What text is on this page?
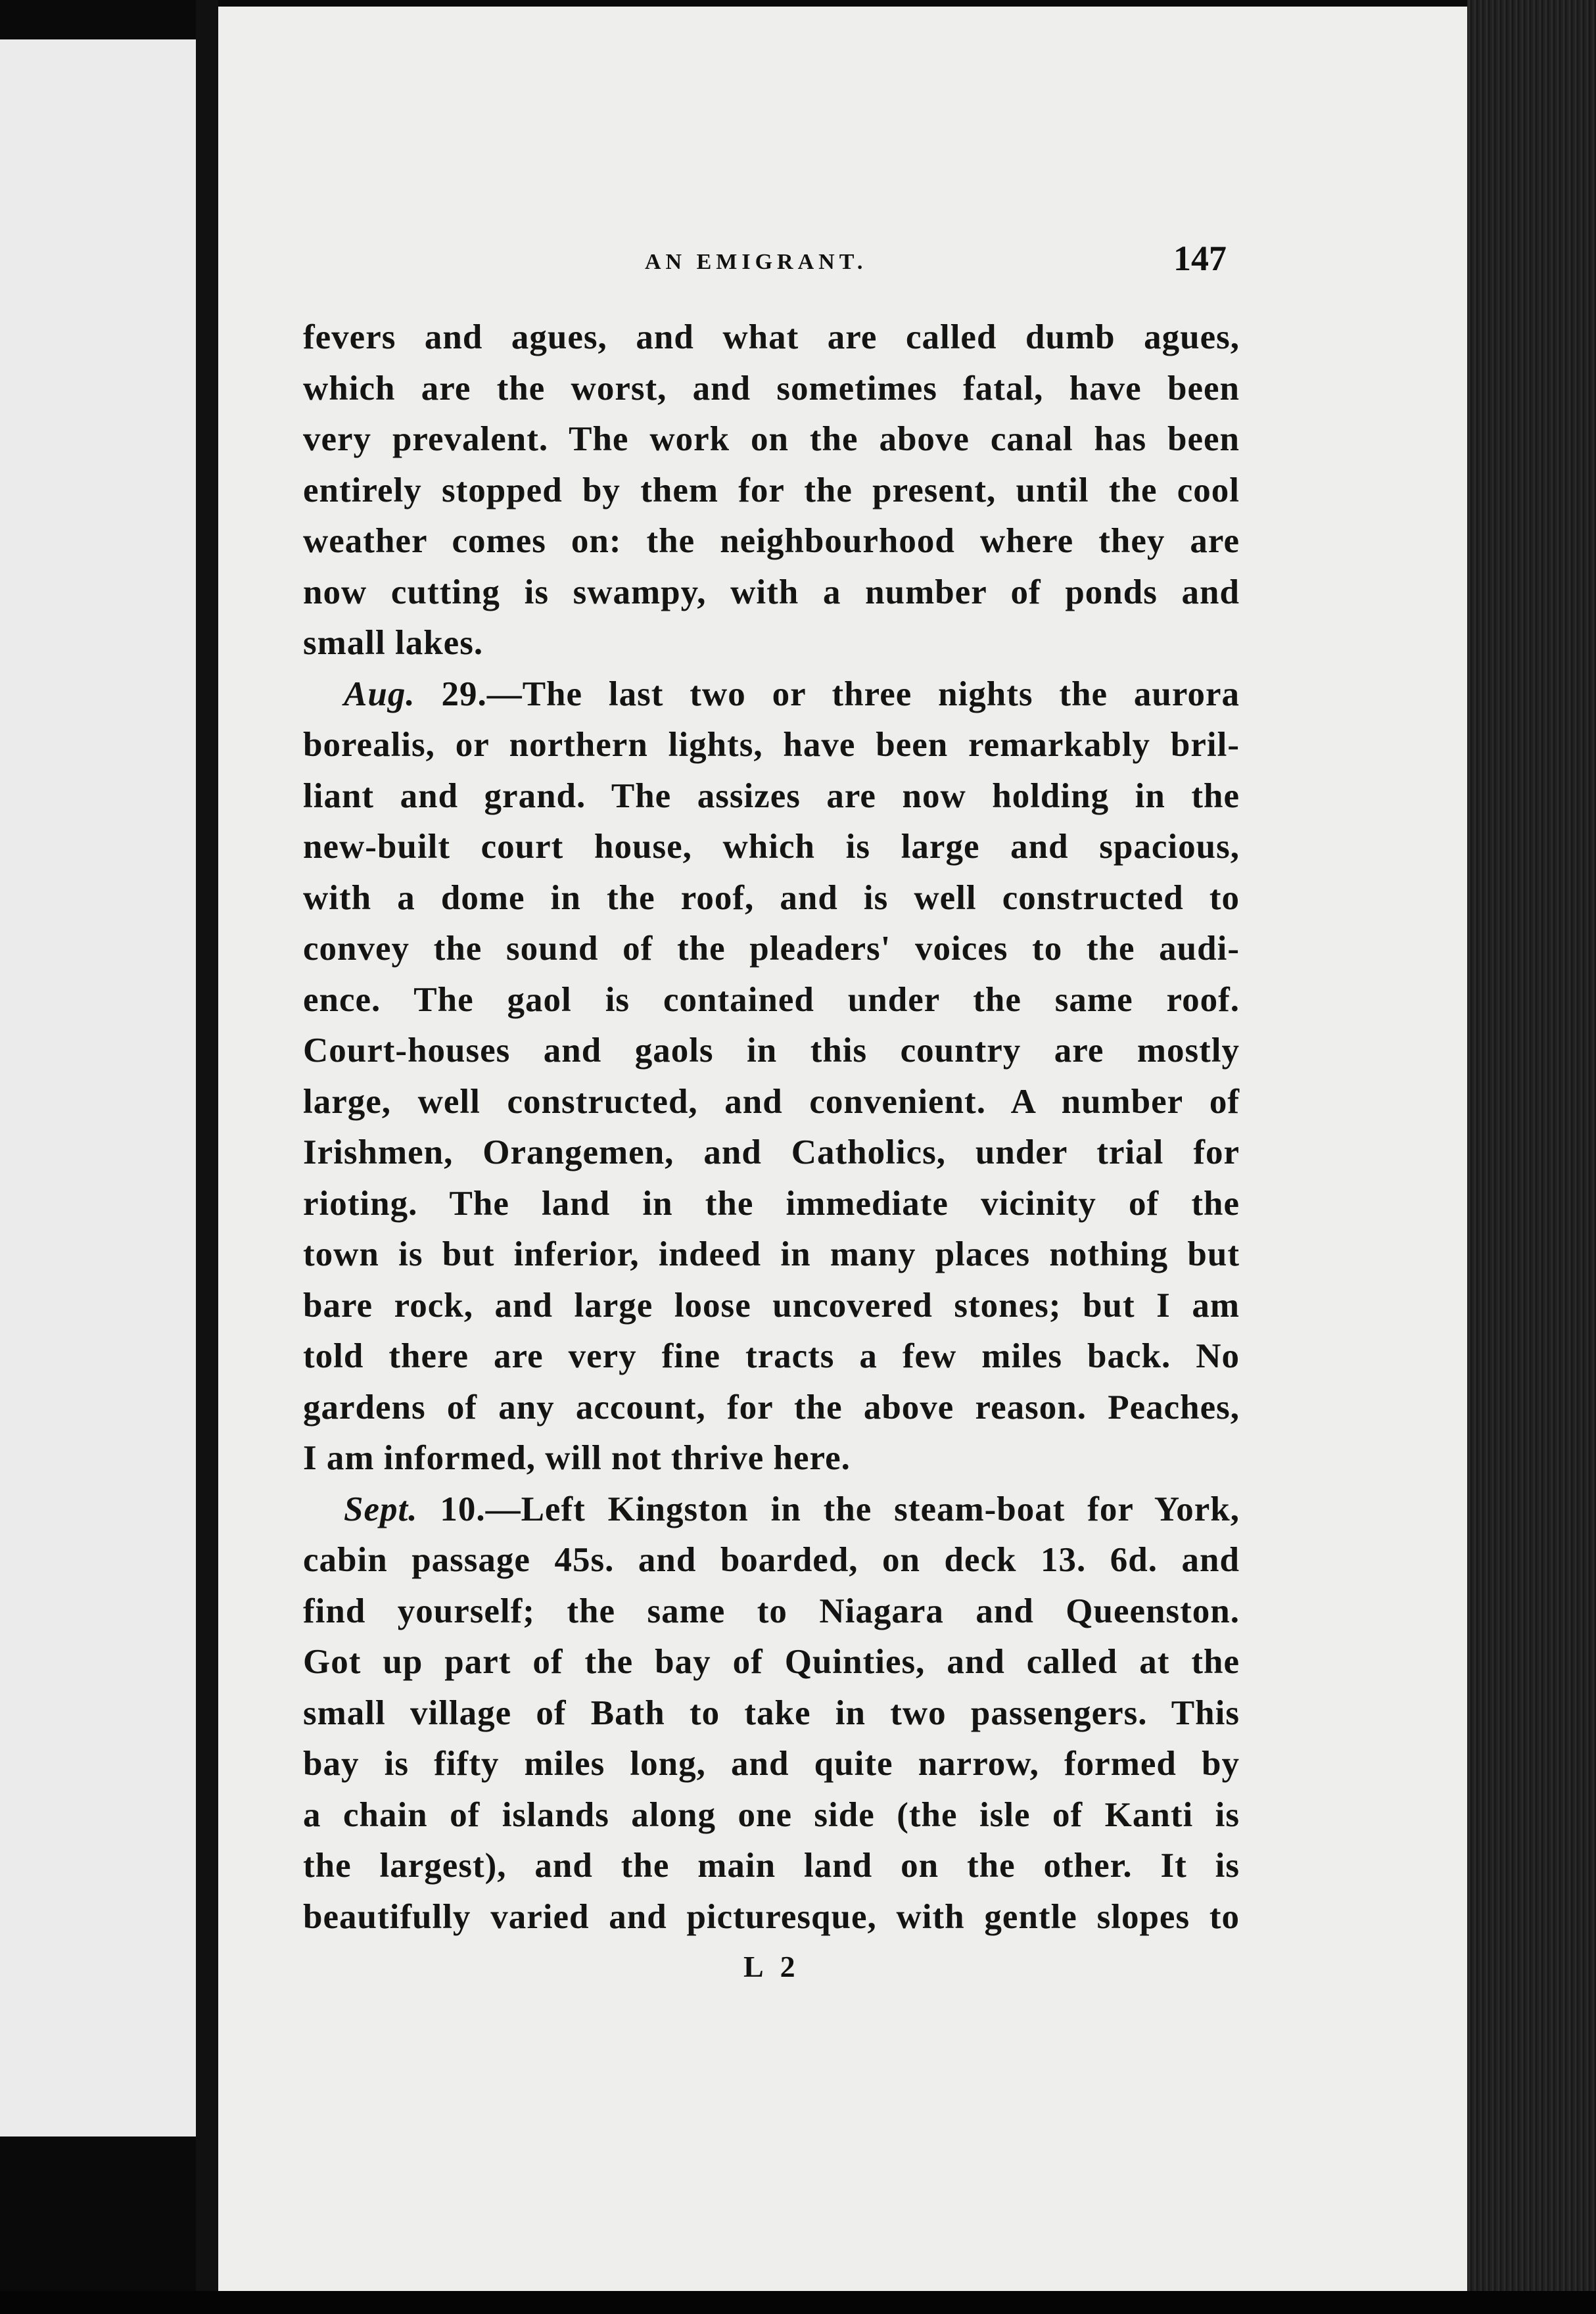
AN EMIGRANT.	147
fevers and agues, and what are called dumb agues,
which are the worst, and sometimes fatal, have been
very prevalent. The work on the above canal has been
entirely stopped by them for the present, until the cool
weather comes on: the neighbourhood where they are
now cutting is swampy, with a number of ponds and
small lakes.
Aug. 29.—The last two or three nights the aurora
borealis, or northern lights, have been remarkably bril-
liant and grand. The assizes are now holding in the
new-built court house, which is large and spacious,
with a dome in the roof, and is well constructed to
convey the sound of the pleaders' voices to the audi-
ence. The gaol is contained under the same roof.
Court-houses and gaols in this country are mostly
large, well constructed, and convenient. A number of
Irishmen, Orangemen, and Catholics, under trial for
rioting. The land in the immediate vicinity of the
town is but inferior, indeed in many places nothing but
bare rock, and large loose uncovered stones; but I am
told there are very fine tracts a few miles back. No
gardens of any account, for the above reason. Peaches,
I am informed, will not thrive here.
Sept. 10.—Left Kingston in the steam-boat for York,
cabin passage 45s. and boarded, on deck 13. 6d. and
find yourself; the same to Niagara and Queenston.
Got up part of the bay of Quinties, and called at the
small village of Bath to take in two passengers. This
bay is fifty miles long, and quite narrow, formed by
a chain of islands along one side (the isle of Kanti is
the largest), and the main land on the other. It is
beautifully varied and picturesque, with gentle slopes to
L 2
